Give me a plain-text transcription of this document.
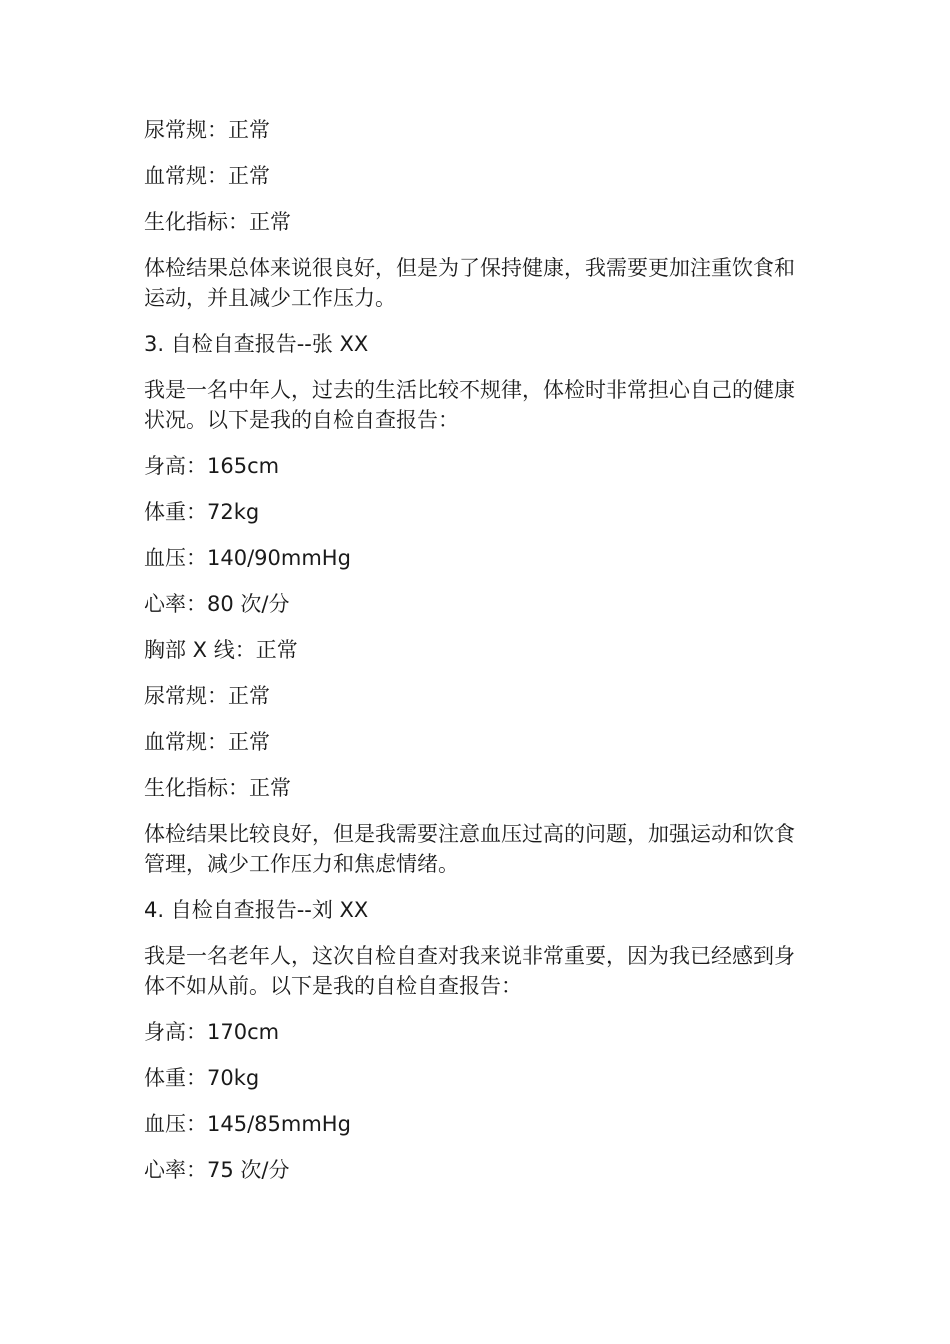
尿常规：正常

血常规：正常

生化指标：正常

体检结果总体来说很良好，但是为了保持健康，我需要更加注重饮食和运动，并且减少工作压力。

3. 自检自查报告--张 XX

我是一名中年人，过去的生活比较不规律，体检时非常担心自己的健康状况。以下是我的自检自查报告：

身高：165cm

体重：72kg

血压：140/90mmHg

心率：80 次/分

胸部 X 线：正常

尿常规：正常

血常规：正常

生化指标：正常

体检结果比较良好，但是我需要注意血压过高的问题，加强运动和饮食管理，减少工作压力和焦虑情绪。

4. 自检自查报告--刘 XX

我是一名老年人，这次自检自查对我来说非常重要，因为我已经感到身体不如从前。以下是我的自检自查报告：

身高：170cm

体重：70kg

血压：145/85mmHg

心率：75 次/分
